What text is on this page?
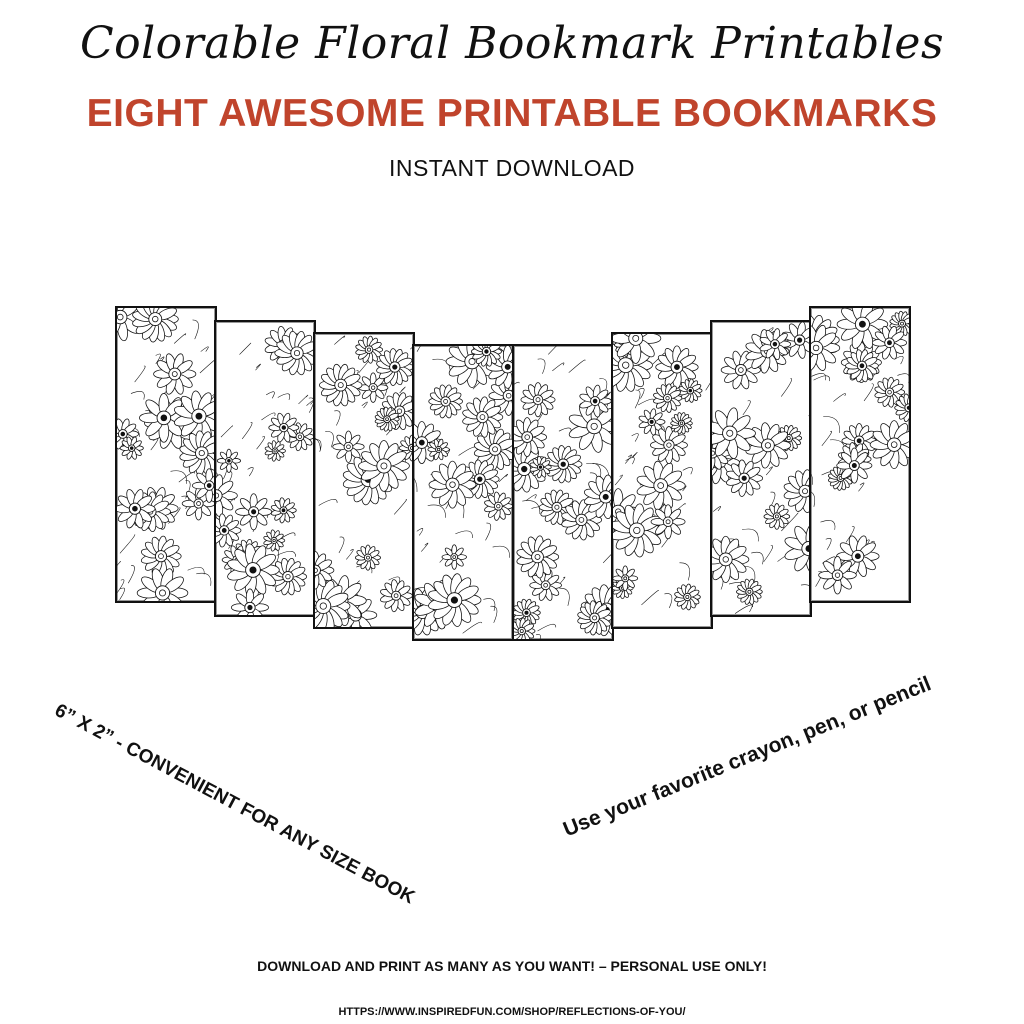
Colorable Floral Bookmark Printables
EIGHT AWESOME PRINTABLE BOOKMARKS
INSTANT DOWNLOAD
6” X 2” - CONVENIENT FOR ANY SIZE BOOK	Use your favorite crayon, pen, or pencil
DOWNLOAD AND PRINT AS MANY AS YOU WANT! – PERSONAL USE ONLY!
HTTPS://WWW.INSPIREDFUN.COM/SHOP/REFLECTIONS-OF-YOU/
